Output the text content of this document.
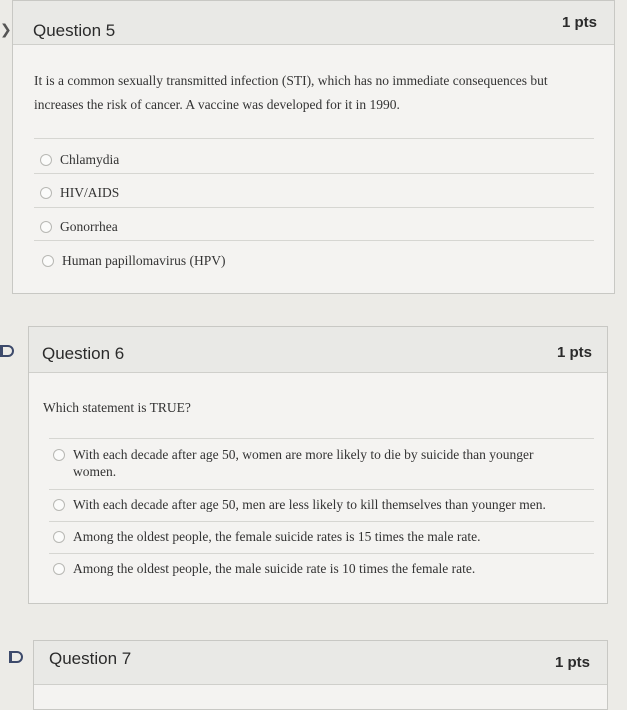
❯ Question 5	1 pts
It is a common sexually transmitted infection (STI), which has no immediate consequences but increases the risk of cancer. A vaccine was developed for it in 1990.
Chlamydia
HIV/AIDS
Gonorrhea
Human papillomavirus (HPV)
Question 6	1 pts
Which statement is TRUE?
With each decade after age 50, women are more likely to die by suicide than younger women.
With each decade after age 50, men are less likely to kill themselves than younger men.
Among the oldest people, the female suicide rates is 15 times the male rate.
Among the oldest people, the male suicide rate is 10 times the female rate.
Question 7	1 pts
